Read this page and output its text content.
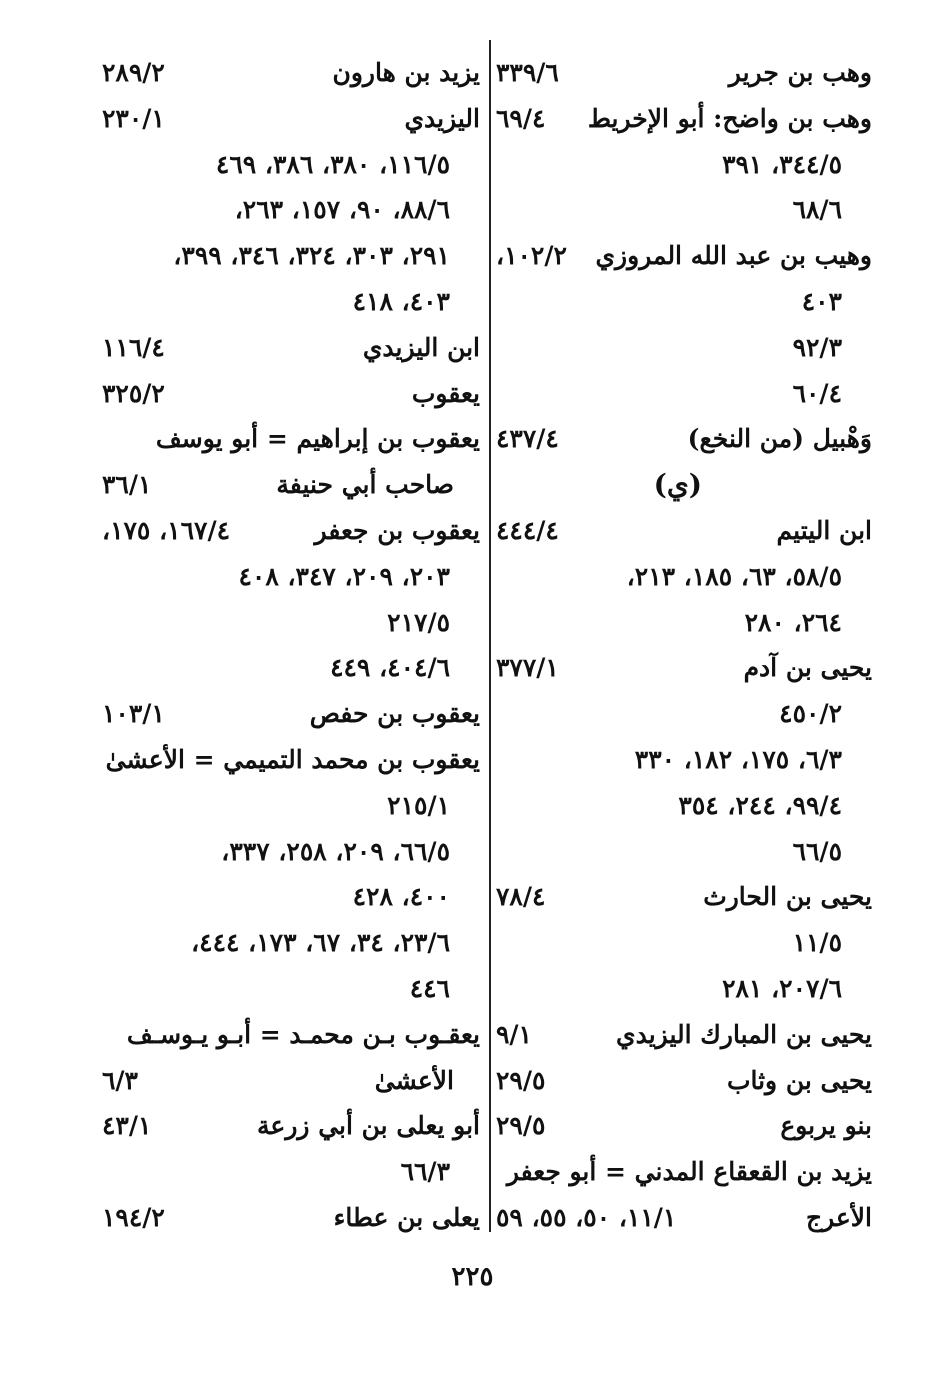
وهب بن جرير
٣٣٩/٦
وهب بن واضح: أبو الإخريط
٦٩/٤
٣٤٤/٥، ٣٩١
٦٨/٦
وهيب بن عبد الله المروزي
١٠٢/٢،
٤٠٣
٩٢/٣
٦٠/٤
وَهْبيل (من النخع)
٤٣٧/٤
(ي)
ابن اليتيم
٤٤٤/٤
٥٨/٥، ٦٣، ١٨٥، ٢١٣،
٢٦٤، ٢٨٠
يحيى بن آدم
٣٧٧/١
٤٥٠/٢
٦/٣، ١٧٥، ١٨٢، ٣٣٠
٩٩/٤، ٢٤٤، ٣٥٤
٦٦/٥
يحيى بن الحارث
٧٨/٤
١١/٥
٢٠٧/٦، ٢٨١
يحيى بن المبارك اليزيدي
٩/١
يحيى بن وثاب
٢٩/٥
بنو يربوع
٢٩/٥
يزيد بن القعقاع المدني = أبو جعفر
الأعرج
١١/١، ٥٠، ٥٥، ٥٩
يزيد بن هارون
٢٨٩/٢
اليزيدي
٢٣٠/١
١١٦/٥، ٣٨٠، ٣٨٦، ٤٦٩
٨٨/٦، ٩٠، ١٥٧، ٢٦٣،
٢٩١، ٣٠٣، ٣٢٤، ٣٤٦، ٣٩٩،
٤٠٣، ٤١٨
ابن اليزيدي
١١٦/٤
يعقوب
٣٢٥/٢
يعقوب بن إبراهيم = أبو يوسف
صاحب أبي حنيفة
٣٦/١
يعقوب بن جعفر
١٦٧/٤، ١٧٥،
٢٠٣، ٢٠٩، ٣٤٧، ٤٠٨
٢١٧/٥
٤٠٤/٦، ٤٤٩
يعقوب بن حفص
١٠٣/١
يعقوب بن محمد التميمي = الأعشىٰ
٢١٥/١
٦٦/٥، ٢٠٩، ٢٥٨، ٣٣٧،
٤٠٠، ٤٢٨
٢٣/٦، ٣٤، ٦٧، ١٧٣، ٤٤٤،
٤٤٦
يعقـوب بـن محمـد = أبـو يـوسـف
الأعشىٰ
٦/٣
أبو يعلى بن أبي زرعة
٤٣/١
٦٦/٣
يعلى بن عطاء
١٩٤/٢
٢٢٥
